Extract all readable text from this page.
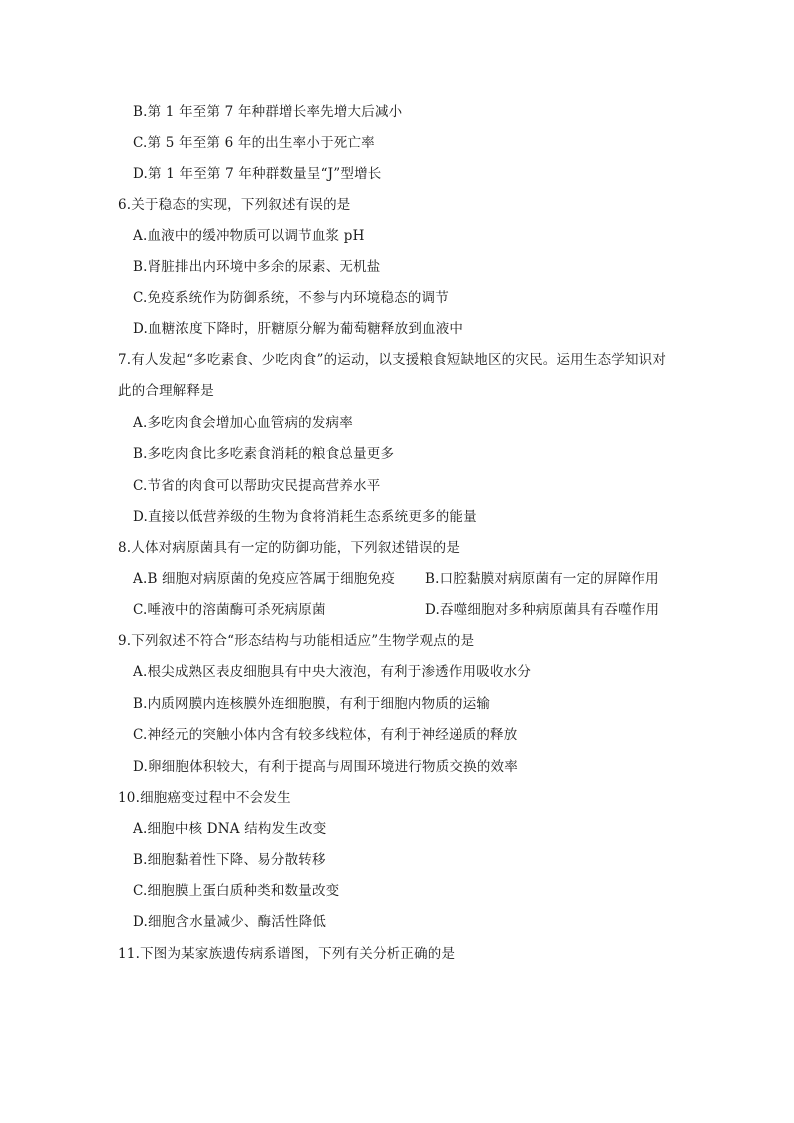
B.第 1 年至第 7 年种群增长率先增大后减小
C.第 5 年至第 6 年的出生率小于死亡率
D.第 1 年至第 7 年种群数量呈“J”型增长
6.关于稳态的实现，下列叙述有误的是
A.血液中的缓冲物质可以调节血浆 pH
B.肾脏排出内环境中多余的尿素、无机盐
C.免疫系统作为防御系统，不参与内环境稳态的调节
D.血糖浓度下降时，肝糖原分解为葡萄糖释放到血液中
7.有人发起“多吃素食、少吃肉食”的运动，以支援粮食短缺地区的灾民。运用生态学知识对
此的合理解释是
A.多吃肉食会增加心血管病的发病率
B.多吃肉食比多吃素食消耗的粮食总量更多
C.节省的肉食可以帮助灾民提高营养水平
D.直接以低营养级的生物为食将消耗生态系统更多的能量
8.人体对病原菌具有一定的防御功能，下列叙述错误的是
A.B 细胞对病原菌的免疫应答属于细胞免疫 B.口腔黏膜对病原菌有一定的屏障作用
C.唾液中的溶菌酶可杀死病原菌	D.吞噬细胞对多种病原菌具有吞噬作用
9.下列叙述不符合“形态结构与功能相适应”生物学观点的是
A.根尖成熟区表皮细胞具有中央大液泡，有利于渗透作用吸收水分
B.内质网膜内连核膜外连细胞膜，有利于细胞内物质的运输
C.神经元的突触小体内含有较多线粒体，有利于神经递质的释放
D.卵细胞体积较大，有利于提高与周围环境进行物质交换的效率
10.细胞癌变过程中不会发生
A.细胞中核 DNA 结构发生改变
B.细胞黏着性下降、易分散转移
C.细胞膜上蛋白质种类和数量改变
D.细胞含水量减少、酶活性降低
11.下图为某家族遗传病系谱图，下列有关分析正确的是
